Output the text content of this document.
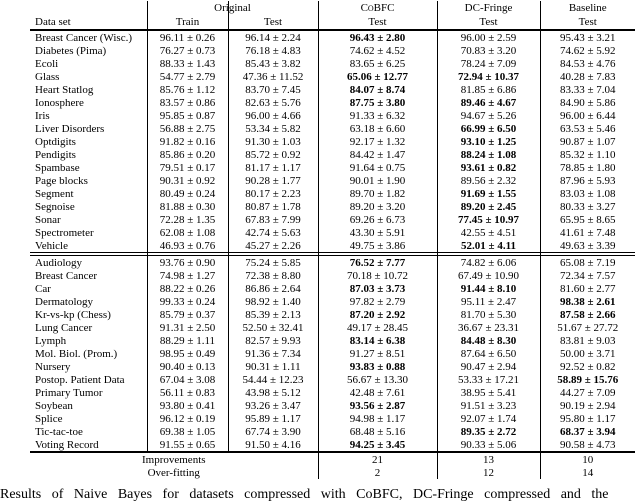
Data set	Original		CoBFC	DC-Fringe	Baseline
	Train	Test	Test	Test	Test
Breast Cancer (Wisc.)	96.11 ± 0.26	96.14 ± 2.24	96.43 ± 2.80	96.00 ± 2.59	95.43 ± 3.21
Diabetes (Pima)	76.27 ± 0.73	76.18 ± 4.83	74.62 ± 4.52	70.83 ± 3.20	74.62 ± 5.92
Ecoli	88.33 ± 1.43	85.43 ± 3.82	83.65 ± 6.25	78.24 ± 7.09	84.53 ± 4.76
Glass	54.77 ± 2.79	47.36 ± 11.52	65.06 ± 12.77	72.94 ± 10.37	40.28 ± 7.83
Heart Statlog	85.76 ± 1.12	83.70 ± 7.45	84.07 ± 8.74	81.85 ± 6.86	83.33 ± 7.04
Ionosphere	83.57 ± 0.86	82.63 ± 5.76	87.75 ± 3.80	89.46 ± 4.67	84.90 ± 5.86
Iris	95.85 ± 0.87	96.00 ± 4.66	91.33 ± 6.32	94.67 ± 5.26	96.00 ± 6.44
Liver Disorders	56.88 ± 2.75	53.34 ± 5.82	63.18 ± 6.60	66.99 ± 6.50	63.53 ± 5.46
Optdigits	91.82 ± 0.16	91.30 ± 1.03	92.17 ± 1.32	93.10 ± 1.25	90.87 ± 1.07
Pendigits	85.86 ± 0.20	85.72 ± 0.92	84.42 ± 1.47	88.24 ± 1.08	85.32 ± 1.10
Spambase	79.51 ± 0.17	81.17 ± 1.17	91.64 ± 0.75	93.61 ± 0.82	78.85 ± 1.80
Page blocks	90.31 ± 0.92	90.28 ± 1.77	90.01 ± 1.90	89.56 ± 2.32	87.96 ± 5.93
Segment	80.49 ± 0.24	80.17 ± 2.23	89.70 ± 1.82	91.69 ± 1.55	83.03 ± 1.08
Segnoise	81.88 ± 0.30	80.87 ± 1.78	89.20 ± 3.20	89.20 ± 2.45	80.33 ± 3.27
Sonar	72.28 ± 1.35	67.83 ± 7.99	69.26 ± 6.73	77.45 ± 10.97	65.95 ± 8.65
Spectrometer	62.08 ± 1.08	42.74 ± 5.63	43.30 ± 5.91	42.55 ± 4.51	41.61 ± 7.48
Vehicle	46.93 ± 0.76	45.27 ± 2.26	49.75 ± 3.86	52.01 ± 4.11	49.63 ± 3.39

Audiology	93.76 ± 0.90	75.24 ± 5.85	76.52 ± 7.77	74.82 ± 6.06	65.08 ± 7.19
Breast Cancer	74.98 ± 1.27	72.38 ± 8.80	70.18 ± 10.72	67.49 ± 10.90	72.34 ± 7.57
Car	88.22 ± 0.26	86.86 ± 2.64	87.03 ± 3.73	91.44 ± 8.10	81.60 ± 2.77
Dermatology	99.33 ± 0.24	98.92 ± 1.40	97.82 ± 2.79	95.11 ± 2.47	98.38 ± 2.61
Kr-vs-kp (Chess)	85.79 ± 0.37	85.39 ± 2.13	87.20 ± 2.92	81.70 ± 5.30	87.58 ± 2.66
Lung Cancer	91.31 ± 2.50	52.50 ± 32.41	49.17 ± 28.45	36.67 ± 23.31	51.67 ± 27.72
Lymph	88.29 ± 1.11	82.57 ± 9.93	83.14 ± 6.38	84.48 ± 8.30	83.81 ± 9.03
Mol. Biol. (Prom.)	98.95 ± 0.49	91.36 ± 7.34	91.27 ± 8.51	87.64 ± 6.50	50.00 ± 3.71
Nursery	90.40 ± 0.13	90.31 ± 1.11	93.83 ± 0.88	90.47 ± 2.94	92.52 ± 0.82
Postop. Patient Data	67.04 ± 3.08	54.44 ± 12.23	56.67 ± 13.30	53.33 ± 17.21	58.89 ± 15.76
Primary Tumor	56.11 ± 0.83	43.98 ± 5.12	42.48 ± 7.61	38.95 ± 5.41	44.27 ± 7.09
Soybean	93.80 ± 0.41	93.26 ± 3.47	93.56 ± 2.87	91.51 ± 3.23	90.19 ± 2.94
Splice	96.12 ± 0.19	95.89 ± 1.17	94.98 ± 1.17	92.07 ± 1.74	95.80 ± 1.17
Tic-tac-toe	69.38 ± 1.05	67.74 ± 3.90	68.48 ± 5.16	89.35 ± 2.72	68.37 ± 3.94
Voting Record	91.55 ± 0.65	91.50 ± 4.16	94.25 ± 3.45	90.33 ± 5.06	90.58 ± 4.73
Improvements			21	13	10
Over-fitting			2	12	14
Results of Naive Bayes for datasets compressed with CoBFC, DC-Fringe compressed and the
